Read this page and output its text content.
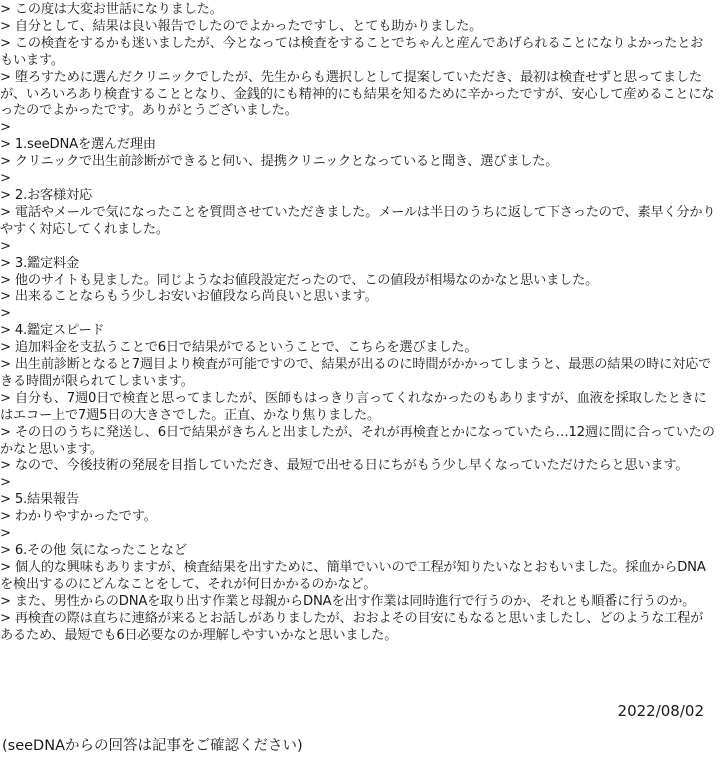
> この度は大変お世話になりました。

> 自分として、結果は良い報告でしたのでよかったですし、とても助かりました。

> この検査をするかも迷いましたが、今となっては検査をすることでちゃんと産んであげられることになりよかったとおもいます。

> 堕ろすために選んだクリニックでしたが、先生からも選択しとして提案していただき、最初は検査せずと思ってましたが、いろいろあり検査することとなり、金銭的にも精神的にも結果を知るために辛かったですが、安心して産めることになったのでよかったです。ありがとうございました。

>

> 1.seeDNAを選んだ理由

> クリニックで出生前診断ができると伺い、提携クリニックとなっていると聞き、選びました。

>

> 2.お客様対応

> 電話やメールで気になったことを質問させていただきました。メールは半日のうちに返して下さったので、素早く分かりやすく対応してくれました。

>

> 3.鑑定料金

> 他のサイトも見ました。同じようなお値段設定だったので、この値段が相場なのかなと思いました。

> 出来ることならもう少しお安いお値段なら尚良いと思います。

>

> 4.鑑定スピード

> 追加料金を支払うことで6日で結果がでるということで、こちらを選びました。

> 出生前診断となると7週目より検査が可能ですので、結果が出るのに時間がかかってしまうと、最悪の結果の時に対応できる時間が限られてしまいます。

> 自分も、7週0日で検査と思ってましたが、医師もはっきり言ってくれなかったのもありますが、血液を採取したときにはエコー上で7週5日の大きさでした。正直、かなり焦りました。

> その日のうちに発送し、6日で結果がきちんと出ましたが、それが再検査とかになっていたら…12週に間に合っていたのかなと思います。

> なので、今後技術の発展を目指していただき、最短で出せる日にちがもう少し早くなっていただけたらと思います。

>

> 5.結果報告

> わかりやすかったです。

>

> 6.その他 気になったことなど

> 個人的な興味もありますが、検査結果を出すために、簡単でいいので工程が知りたいなとおもいました。採血からDNAを検出するのにどんなことをして、それが何日かかるのかなど。

> また、男性からのDNAを取り出す作業と母親からDNAを出す作業は同時進行で行うのか、それとも順番に行うのか。

> 再検査の際は直ちに連絡が来るとお話しがありましたが、おおよその目安にもなると思いましたし、どのような工程があるため、最短でも6日必要なのか理解しやすいかなと思いました。

2022/08/02
(seeDNAからの回答は記事をご確認ください)
